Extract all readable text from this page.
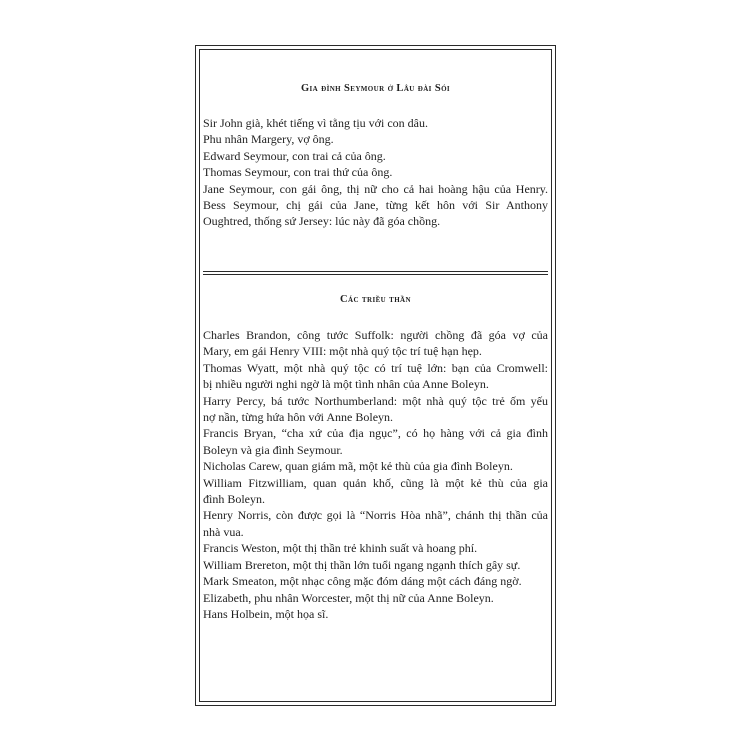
Gia đình Seymour ở Lâu đài Sói
Sir John già, khét tiếng vì tằng tịu với con dâu.
Phu nhân Margery, vợ ông.
Edward Seymour, con trai cả của ông.
Thomas Seymour, con trai thứ của ông.
Jane Seymour, con gái ông, thị nữ cho cả hai hoàng hậu của Henry.
Bess Seymour, chị gái của Jane, từng kết hôn với Sir Anthony
Oughtred, thống sứ Jersey: lúc này đã góa chồng.
Các triều thần
Charles Brandon, công tước Suffolk: người chồng đã góa vợ của
Mary, em gái Henry VIII: một nhà quý tộc trí tuệ hạn hẹp.
Thomas Wyatt, một nhà quý tộc có trí tuệ lớn: bạn của Cromwell:
bị nhiều người nghi ngờ là một tình nhân của Anne Boleyn.
Harry Percy, bá tước Northumberland: một nhà quý tộc trẻ ốm yếu
nợ nần, từng hứa hôn với Anne Boleyn.
Francis Bryan, “cha xứ của địa ngục”, có họ hàng với cả gia đình
Boleyn và gia đình Seymour.
Nicholas Carew, quan giám mã, một kẻ thù của gia đình Boleyn.
William Fitzwilliam, quan quản khố, cũng là một kẻ thù của gia
đình Boleyn.
Henry Norris, còn được gọi là “Norris Hòa nhã”, chánh thị thần của
nhà vua.
Francis Weston, một thị thần trẻ khinh suất và hoang phí.
William Brereton, một thị thần lớn tuổi ngang ngạnh thích gây sự.
Mark Smeaton, một nhạc công mặc đóm dáng một cách đáng ngờ.
Elizabeth, phu nhân Worcester, một thị nữ của Anne Boleyn.
Hans Holbein, một họa sĩ.
